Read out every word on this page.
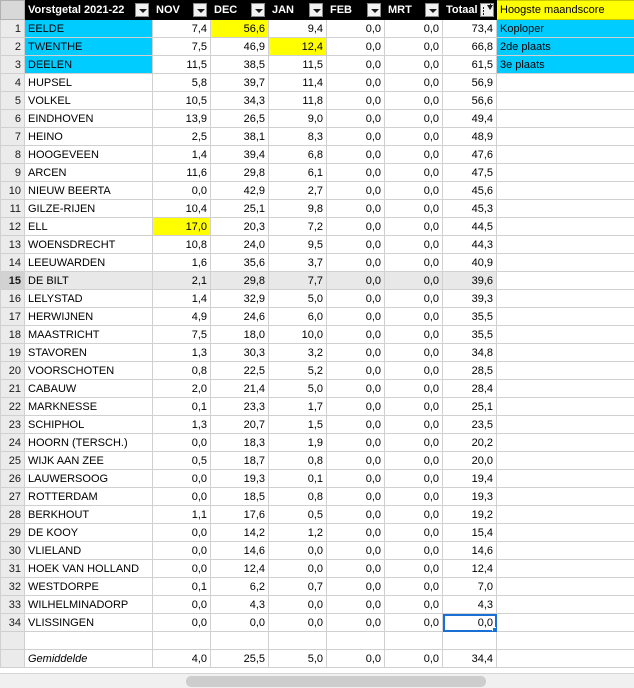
	Vorstgetal 2021-22	NOV	DEC	JAN	FEB	MRT	Totaal	Hoogste maandscore
1	EELDE	7,4	56,6	9,4	0,0	0,0	73,4	Koploper
2	TWENTHE	7,5	46,9	12,4	0,0	0,0	66,8	2de plaats
3	DEELEN	11,5	38,5	11,5	0,0	0,0	61,5	3e plaats
4	HUPSEL	5,8	39,7	11,4	0,0	0,0	56,9	
5	VOLKEL	10,5	34,3	11,8	0,0	0,0	56,6	
6	EINDHOVEN	13,9	26,5	9,0	0,0	0,0	49,4	
7	HEINO	2,5	38,1	8,3	0,0	0,0	48,9	
8	HOOGEVEEN	1,4	39,4	6,8	0,0	0,0	47,6	
9	ARCEN	11,6	29,8	6,1	0,0	0,0	47,5	
10	NIEUW BEERTA	0,0	42,9	2,7	0,0	0,0	45,6	
11	GILZE-RIJEN	10,4	25,1	9,8	0,0	0,0	45,3	
12	ELL	17,0	20,3	7,2	0,0	0,0	44,5	
13	WOENSDRECHT	10,8	24,0	9,5	0,0	0,0	44,3	
14	LEEUWARDEN	1,6	35,6	3,7	0,0	0,0	40,9	
15	DE BILT	2,1	29,8	7,7	0,0	0,0	39,6	
16	LELYSTAD	1,4	32,9	5,0	0,0	0,0	39,3	
17	HERWIJNEN	4,9	24,6	6,0	0,0	0,0	35,5	
18	MAASTRICHT	7,5	18,0	10,0	0,0	0,0	35,5	
19	STAVOREN	1,3	30,3	3,2	0,0	0,0	34,8	
20	VOORSCHOTEN	0,8	22,5	5,2	0,0	0,0	28,5	
21	CABAUW	2,0	21,4	5,0	0,0	0,0	28,4	
22	MARKNESSE	0,1	23,3	1,7	0,0	0,0	25,1	
23	SCHIPHOL	1,3	20,7	1,5	0,0	0,0	23,5	
24	HOORN (TERSCH.)	0,0	18,3	1,9	0,0	0,0	20,2	
25	WIJK AAN ZEE	0,5	18,7	0,8	0,0	0,0	20,0	
26	LAUWERSOOG	0,0	19,3	0,1	0,0	0,0	19,4	
27	ROTTERDAM	0,0	18,5	0,8	0,0	0,0	19,3	
28	BERKHOUT	1,1	17,6	0,5	0,0	0,0	19,2	
29	DE KOOY	0,0	14,2	1,2	0,0	0,0	15,4	
30	VLIELAND	0,0	14,6	0,0	0,0	0,0	14,6	
31	HOEK VAN HOLLAND	0,0	12,4	0,0	0,0	0,0	12,4	
32	WESTDORPE	0,1	6,2	0,7	0,0	0,0	7,0	
33	WILHELMINADORP	0,0	4,3	0,0	0,0	0,0	4,3	
34	VLISSINGEN	0,0	0,0	0,0	0,0	0,0	0,0	

	Gemiddelde	4,0	25,5	5,0	0,0	0,0	34,4	
